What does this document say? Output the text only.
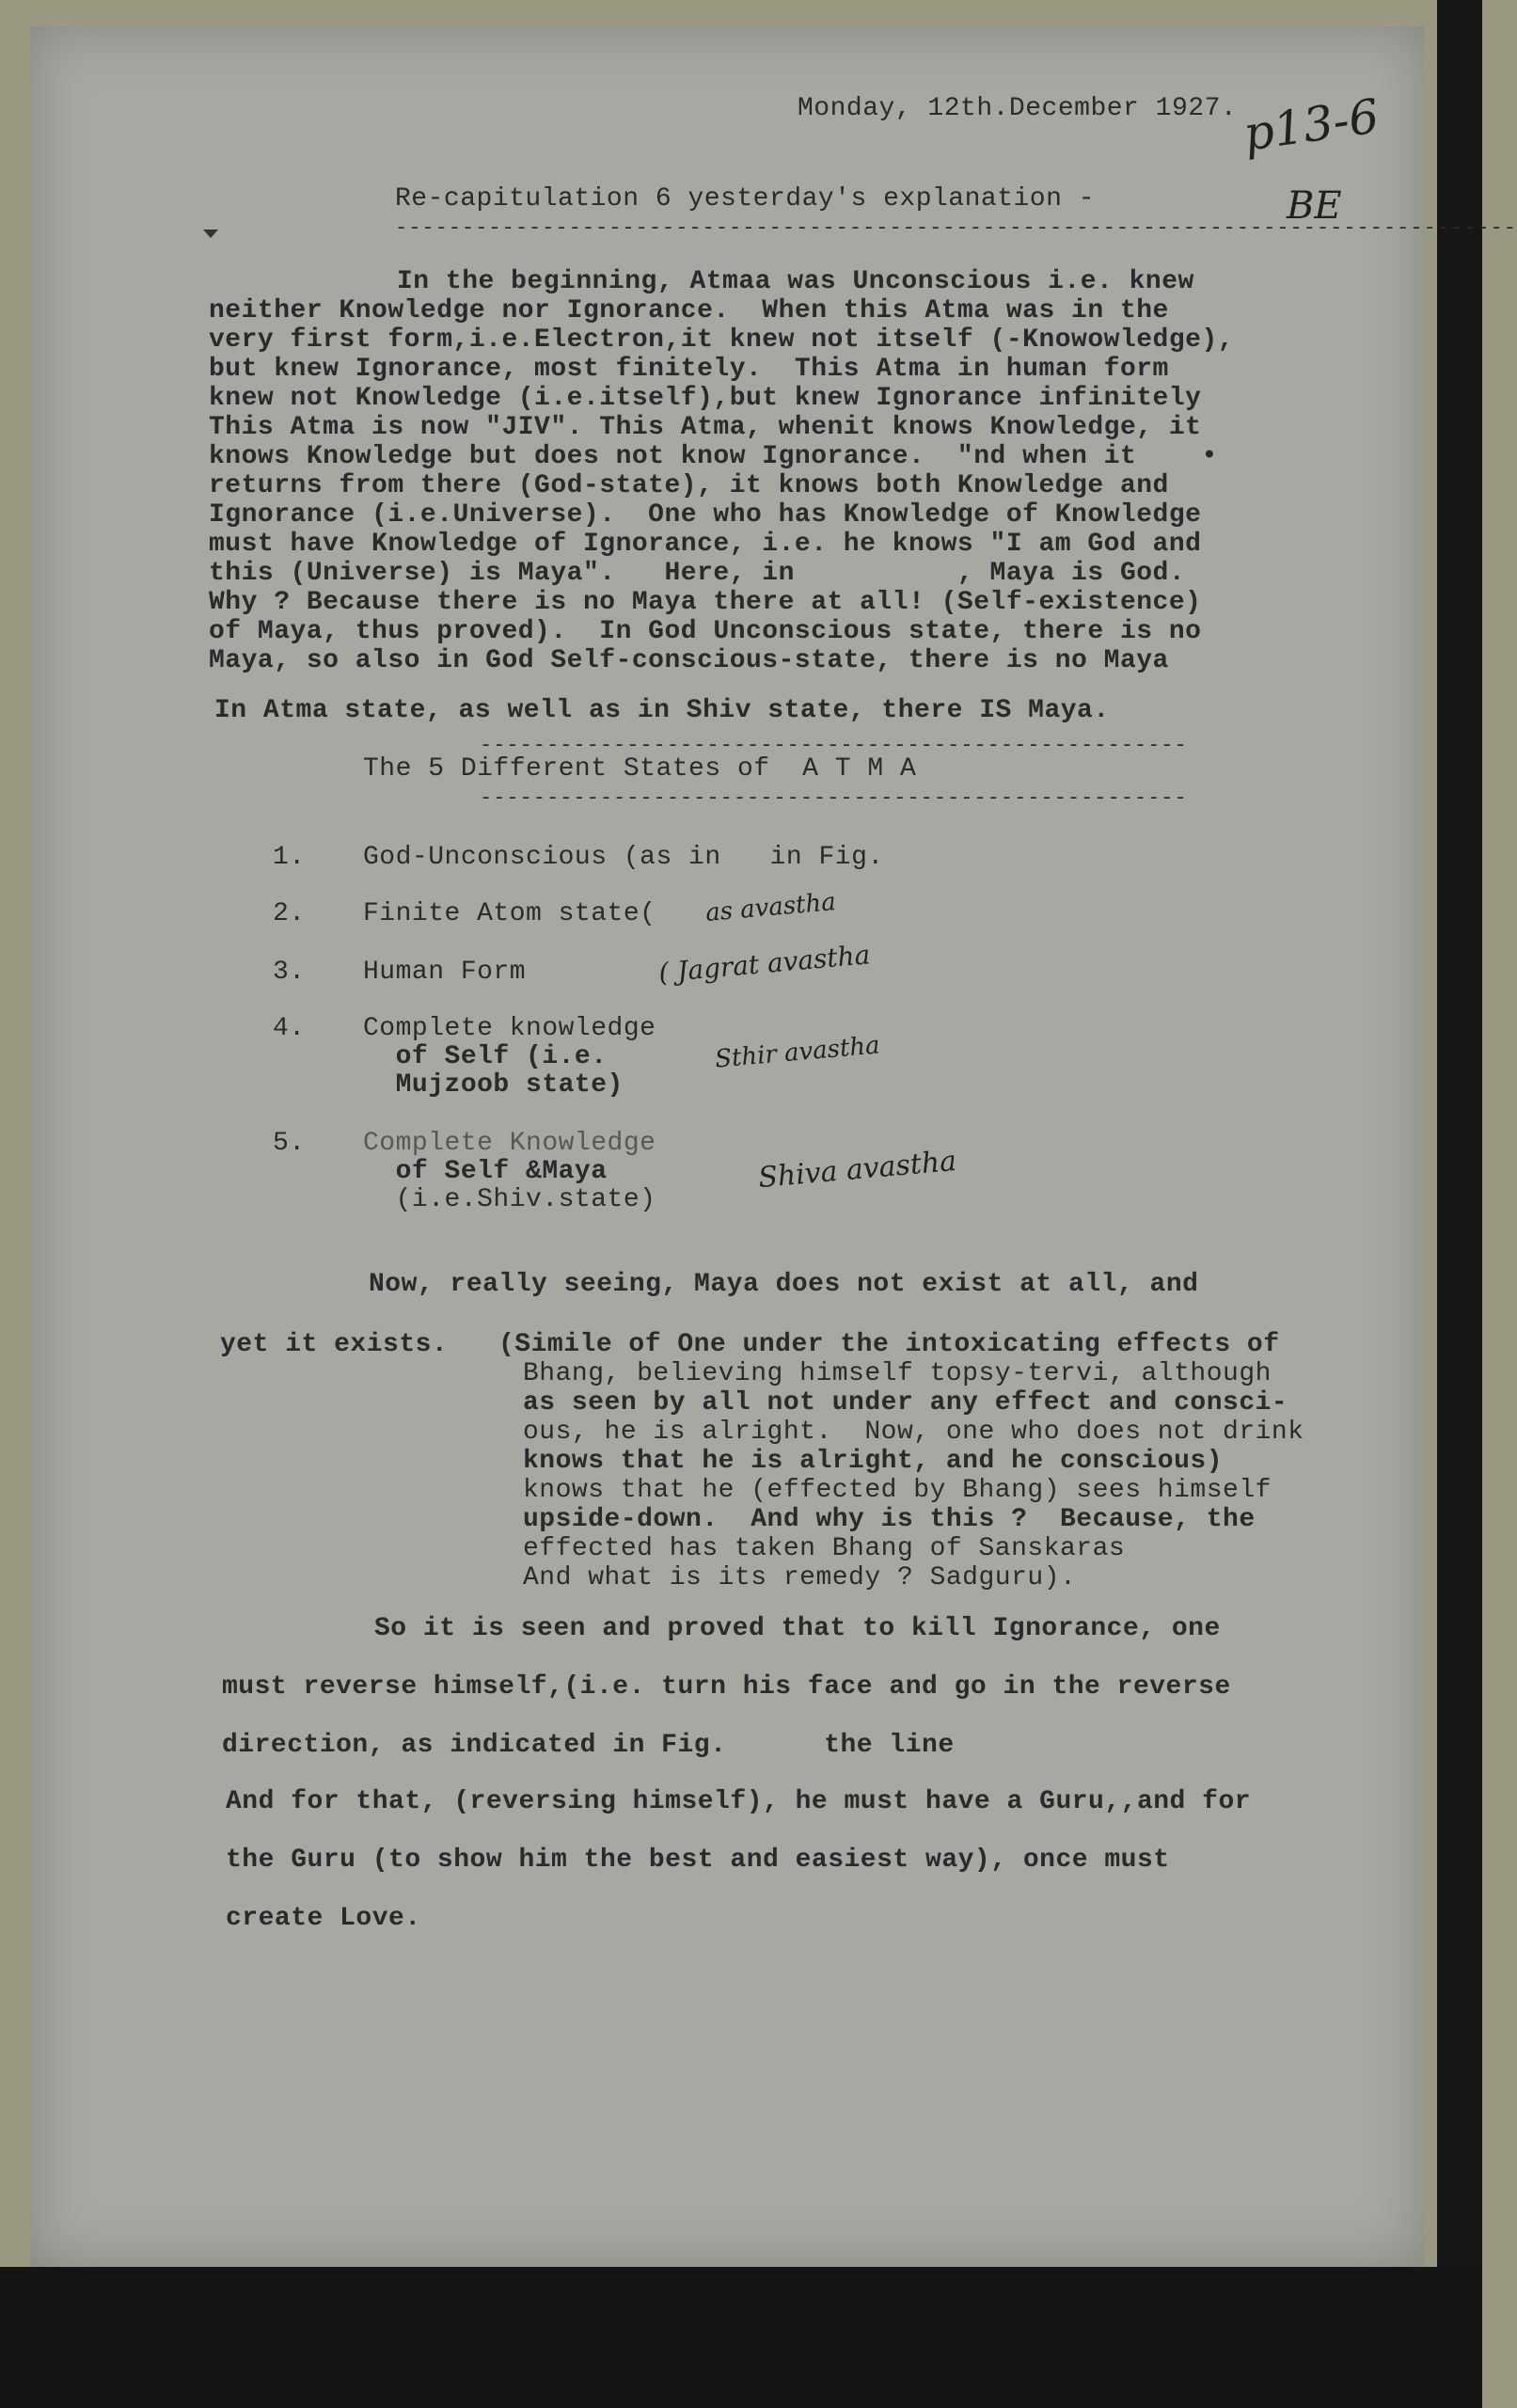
Monday, 12th.December 1927. p13-6
BE
Re-capitulation 6 yesterday's explanation -
------------------------------------------------------------------------------------
In the beginning, Atmaa was Unconscious i.e. knew
neither Knowledge nor Ignorance.  When this Atma was in the
very first form,i.e.Electron,it knew not itself (-Knowowledge),
but knew Ignorance, most finitely.  This Atma in human form
knew not Knowledge (i.e.itself),but knew Ignorance infinitely
This Atma is now "JIV". This Atma, whenit knows Knowledge, it
knows Knowledge but does not know Ignorance.  "nd when it    •
returns from there (God-state), it knows both Knowledge and
Ignorance (i.e.Universe).  One who has Knowledge of Knowledge
must have Knowledge of Ignorance, i.e. he knows "I am God and
this (Universe) is Maya".   Here, in          , Maya is God.
Why ? Because there is no Maya there at all! (Self-existence)
of Maya, thus proved).  In God Unconscious state, there is no
Maya, so also in God Self-conscious-state, there is no Maya
In Atma state, as well as in Shiv state, there IS Maya.
The 5 Different States of  A T M A
-----------------------------------------------------
-----------------------------------------------------
1. God-Unconscious (as in   in Fig.
2. Finite Atom state( as avastha
3. Human Form	( Jagrat avastha
4. Complete knowledge
of Self (i.e.
Mujzoob state)
Sthir avastha
5. Complete Knowledge
of Self &Maya
(i.e.Shiv.state)
Shiva avastha
Now, really seeing, Maya does not exist at all, and
yet it exists. (Simile of One under the intoxicating effects of
Bhang, believing himself topsy-tervi, although
as seen by all not under any effect and consci-
ous, he is alright.  Now, one who does not drink
knows that he is alright, and he conscious)
knows that he (effected by Bhang) sees himself
upside-down.  And why is this ?  Because, the
effected has taken Bhang of Sanskaras
And what is its remedy ? Sadguru).
So it is seen and proved that to kill Ignorance, one
must reverse himself,(i.e. turn his face and go in the reverse
direction, as indicated in Fig.      the line
And for that, (reversing himself), he must have a Guru,,and for
the Guru (to show him the best and easiest way), once must
create Love.
